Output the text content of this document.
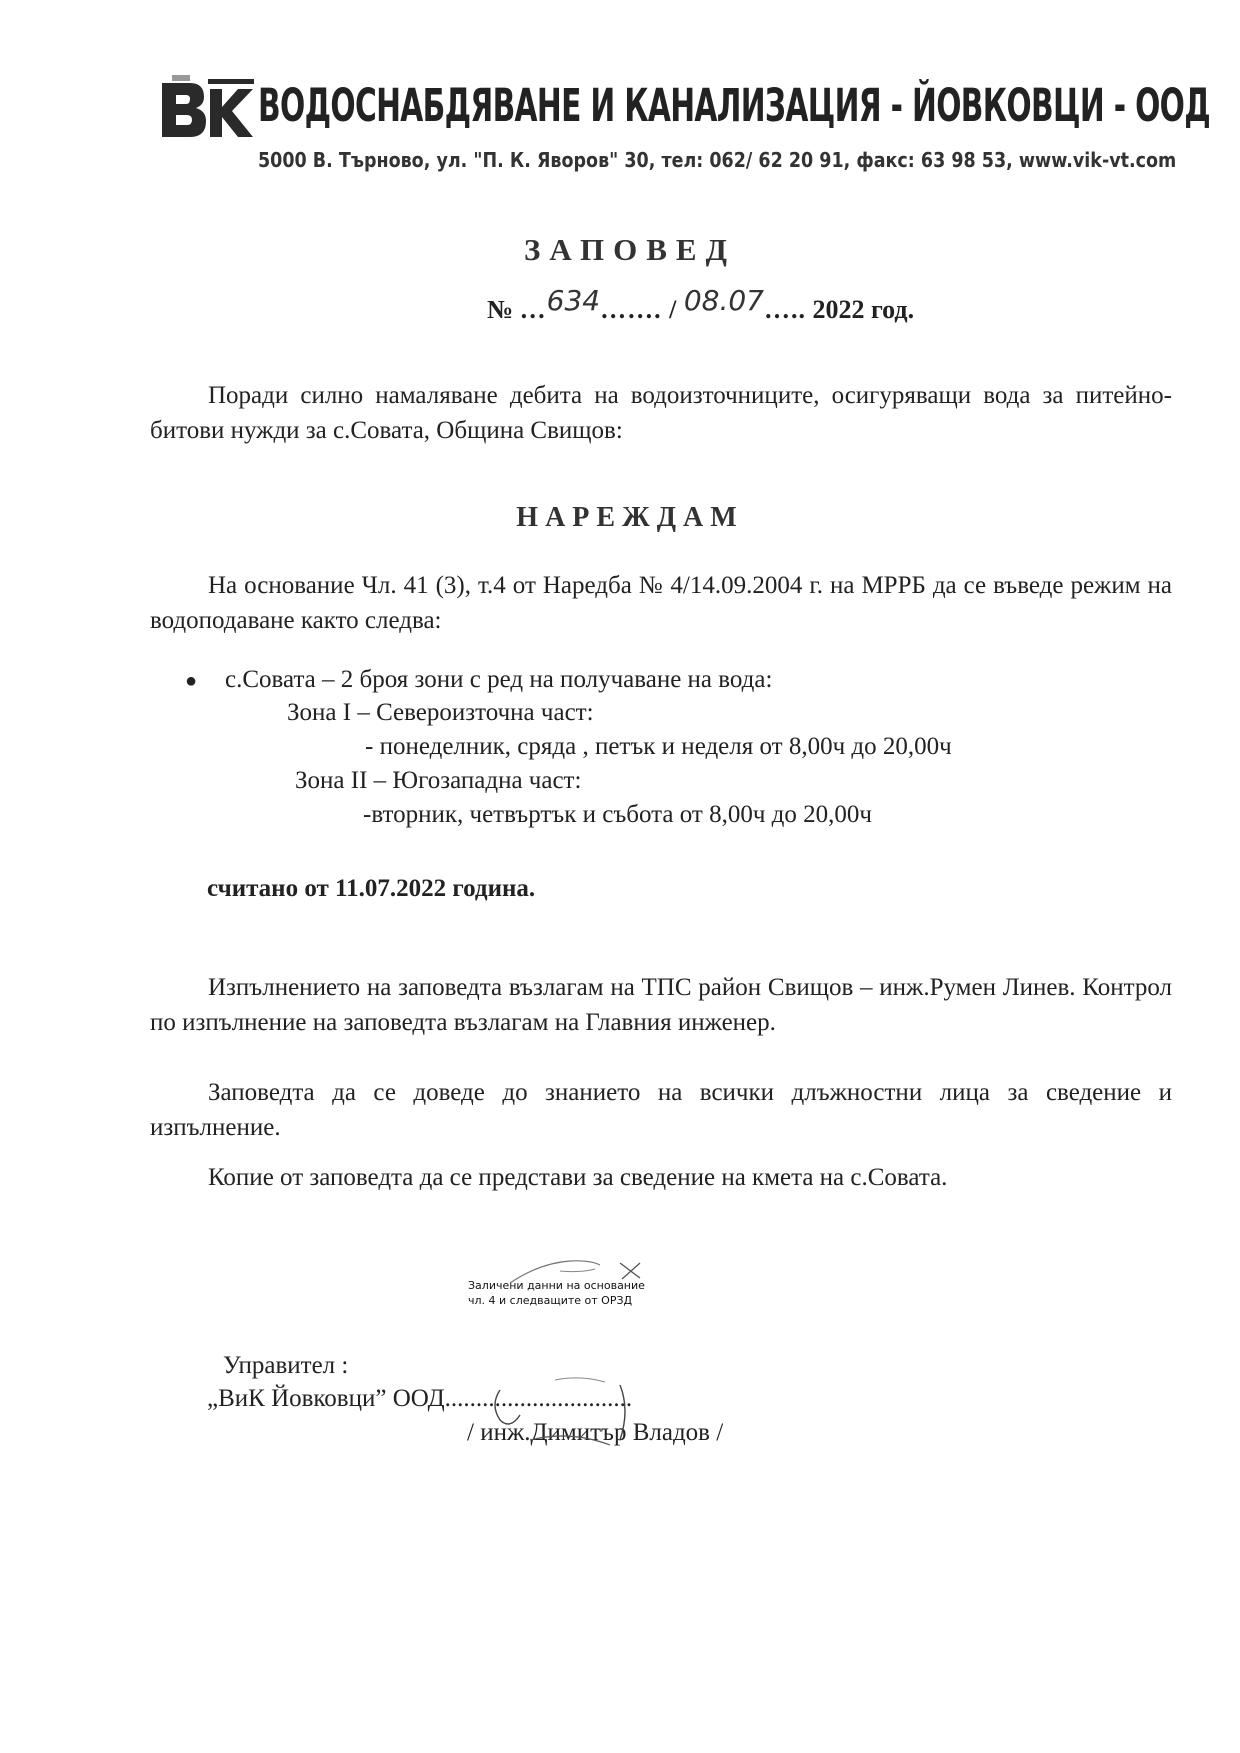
ВОДОСНАБДЯВАНЕ И КАНАЛИЗАЦИЯ - ЙОВКОВЦИ - ООД
5000 В. Търново, ул. "П. К. Яворов" 30, тел: 062/ 62 20 91, факс: 63 98 53, www.vik-vt.com
ЗАПОВЕД
№ …634……. / 08.07….. 2022 год.
Поради силно намаляване дебита на водоизточниците, осигуряващи вода за питейно-битови нужди за с.Совата, Община Свищов:
НАРЕЖДАМ
На основание Чл. 41 (3), т.4 от Наредба № 4/14.09.2004 г. на МРРБ да се въведе режим на водоподаване както следва:
● с.Совата – 2 броя зони с ред на получаване на вода:
Зона I – Североизточна част:
- понеделник, сряда , петък и неделя от 8,00ч до 20,00ч
Зона II – Югозападна част:
-вторник, четвъртък и събота от 8,00ч до 20,00ч
считано от 11.07.2022 година.
Изпълнението на заповедта възлагам на ТПС район Свищов – инж.Румен Линев. Контрол по изпълнение на заповедта възлагам на Главния инженер.
Заповедта да се доведе до знанието на всички длъжностни лица за сведение и изпълнение.
Копие от заповедта да се представи за сведение на кмета на с.Совата.
Заличени данни на основание
чл. 4 и следващите от ОРЗД
Управител :
„ВиК Йовковци” ООД..............................
/ инж.Димитър Владов /
